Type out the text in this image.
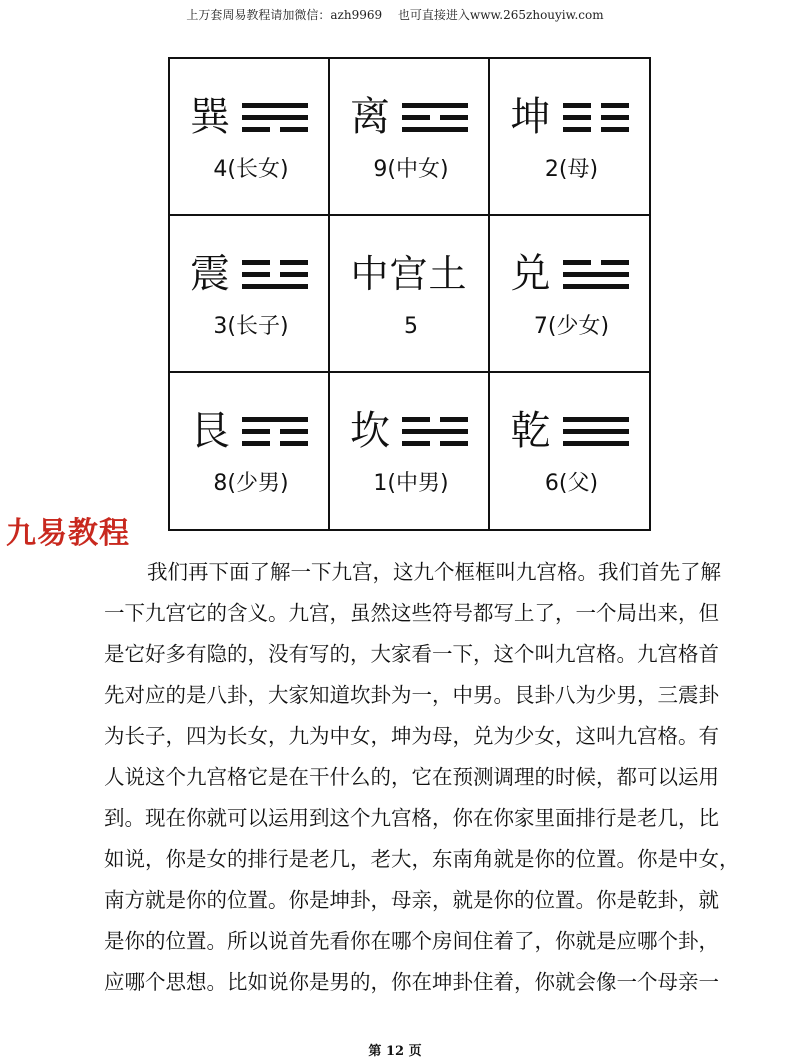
上万套周易教程请加微信：azh9969　 也可直接进入www.265zhouyiw.com
巽
4(长女)
离
9(中女)
坤
2(母)
震
3(长子)
中宫土
5
兑
7(少女)
艮
8(少男)
坎
1(中男)
乾
6(父)
九易教程
我们再下面了解一下九宫，这九个框框叫九宫格。我们首先了解
一下九宫它的含义。九宫，虽然这些符号都写上了，一个局出来，但
是它好多有隐的，没有写的，大家看一下，这个叫九宫格。九宫格首
先对应的是八卦，大家知道坎卦为一，中男。艮卦八为少男，三震卦
为长子，四为长女，九为中女，坤为母，兑为少女，这叫九宫格。有
人说这个九宫格它是在干什么的，它在预测调理的时候，都可以运用
到。现在你就可以运用到这个九宫格，你在你家里面排行是老几，比
如说，你是女的排行是老几，老大，东南角就是你的位置。你是中女，
南方就是你的位置。你是坤卦，母亲，就是你的位置。你是乾卦，就
是你的位置。所以说首先看你在哪个房间住着了，你就是应哪个卦，
应哪个思想。比如说你是男的，你在坤卦住着，你就会像一个母亲一
第 12 页
